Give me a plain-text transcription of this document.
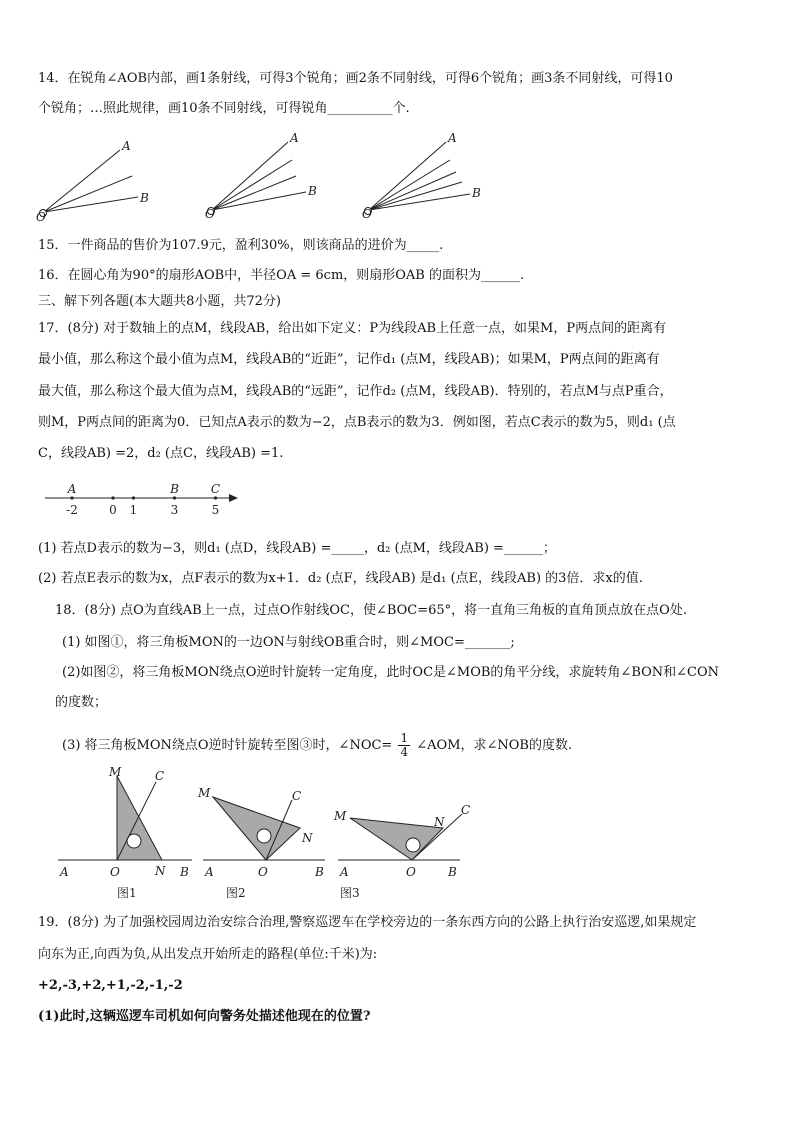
14．在锐角∠AOB内部，画1条射线，可得3个锐角；画2条不同射线，可得6个锐角；画3条不同射线，可得10
个锐角；…照此规律，画10条不同射线，可得锐角__________个.
A
B
O
A
B
O
A
B
O
15．一件商品的售价为107.9元，盈利30%，则该商品的进价为_____.
16．在圆心角为90°的扇形AOB中，半径OA = 6cm，则扇形OAB 的面积为______.
三、解下列各题(本大题共8小题，共72分)
17．(8分) 对于数轴上的点M，线段AB，给出如下定义：P为线段AB上任意一点，如果M，P两点间的距离有
最小值，那么称这个最小值为点M，线段AB的“近距”，记作d₁ (点M，线段AB)；如果M，P两点间的距离有
最大值，那么称这个最大值为点M，线段AB的“远距”，记作d₂ (点M，线段AB)．特别的，若点M与点P重合，
则M，P两点间的距离为0．已知点A表示的数为−2，点B表示的数为3．例如图，若点C表示的数为5，则d₁ (点
C，线段AB) =2，d₂ (点C，线段AB) =1.
-2
A
0 1	3
B
5
C
(1) 若点D表示的数为−3，则d₁ (点D，线段AB) =_____，d₂ (点M，线段AB) =______；
(2) 若点E表示的数为x，点F表示的数为x+1．d₂ (点F，线段AB) 是d₁ (点E，线段AB) 的3倍．求x的值.
18．(8分) 点O为直线AB上一点，过点O作射线OC，使∠BOC=65°，将一直角三角板的直角顶点放在点O处.
(1) 如图①，将三角板MON的一边ON与射线OB重合时，则∠MOC=_______;
(2)如图②，将三角板MON绕点O逆时针旋转一定角度，此时OC是∠MOB的角平分线，求旋转角∠BON和∠CON
的度数；
(3) 将三角板MON绕点O逆时针旋转至图③时，∠NOC= $\frac{1}{4}$ ∠AOM，求∠NOB的度数.
M	C
O	N
A	B
M	C
N
O
A	B
M	N
C
O
A	B
图1	图2	图3
19．(8分) 为了加强校园周边治安综合治理,警察巡逻车在学校旁边的一条东西方向的公路上执行治安巡逻,如果规定
向东为正,向西为负,从出发点开始所走的路程(单位:千米)为:
+2,-3,+2,+1,-2,-1,-2
(1)此时,这辆巡逻车司机如何向警务处描述他现在的位置?
